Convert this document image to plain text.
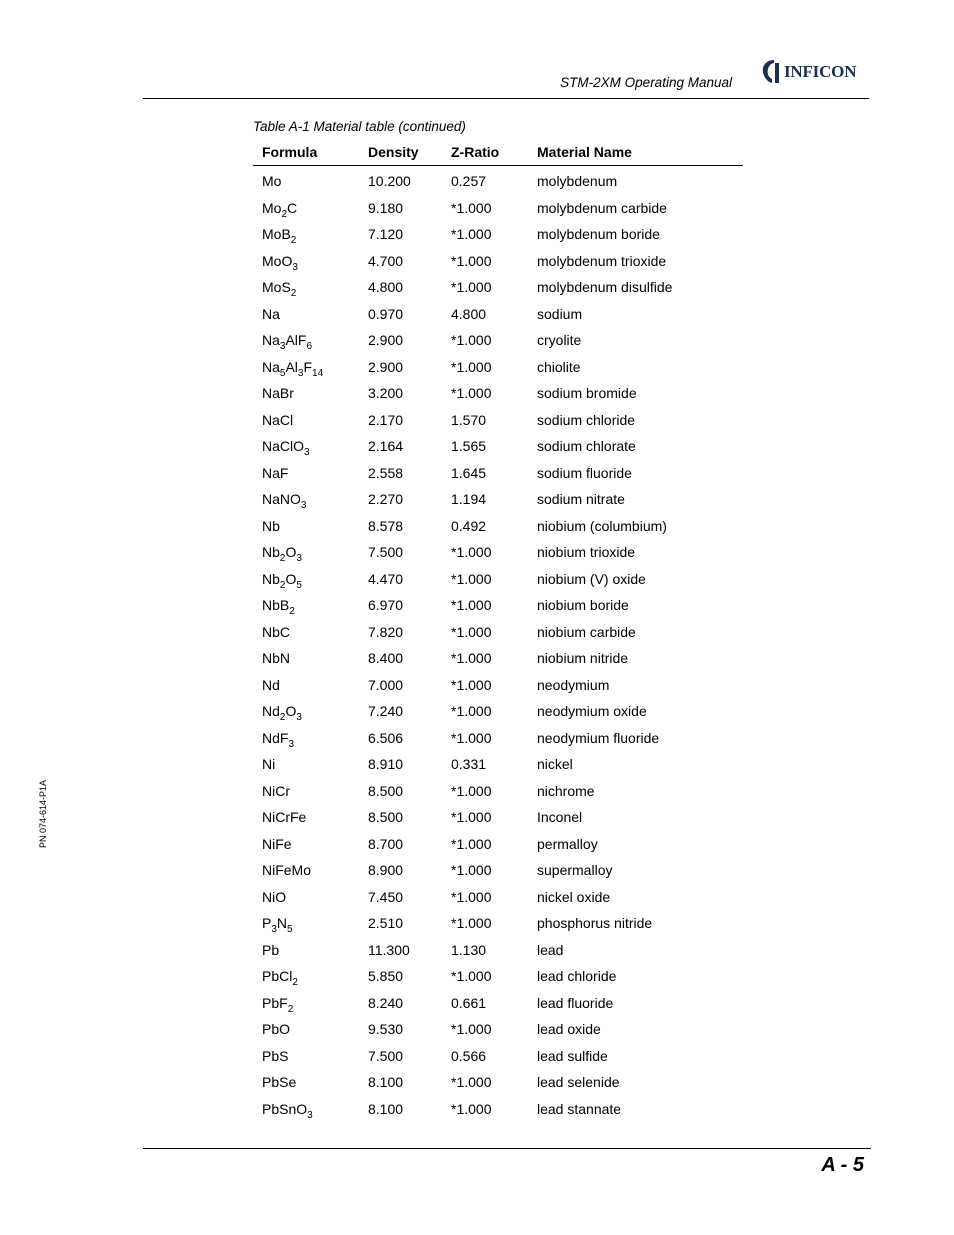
STM-2XM Operating Manual
INFICON
Table A-1 Material table (continued)
Formula	Density	Z-Ratio	Material Name
Mo	10.200	0.257	molybdenum
$Mo_2C$	9.180	*1.000	molybdenum carbide
MoB$_2$	7.120	*1.000	molybdenum boride
MoO$_3$	4.700	*1.000	molybdenum trioxide
MoS$_2$	4.800	*1.000	molybdenum disulfide
Na	0.970	4.800	sodium
$Na_3AlF_6$	2.900	*1.000	cryolite
$Na_5Al_3F_{14}$	2.900	*1.000	chiolite
NaBr	3.200	*1.000	sodium bromide
NaCl	2.170	1.570	sodium chloride
NaClO$_3$	2.164	1.565	sodium chlorate
NaF	2.558	1.645	sodium fluoride
NaNO$_3$	2.270	1.194	sodium nitrate
Nb	8.578	0.492	niobium (columbium)
$Nb_2O_3$	7.500	*1.000	niobium trioxide
$Nb_2O_5$	4.470	*1.000	niobium (V) oxide
NbB$_2$	6.970	*1.000	niobium boride
NbC	7.820	*1.000	niobium carbide
NbN	8.400	*1.000	niobium nitride
Nd	7.000	*1.000	neodymium
$Nd_2O_3$	7.240	*1.000	neodymium oxide
NdF$_3$	6.506	*1.000	neodymium fluoride
Ni	8.910	0.331	nickel
NiCr	8.500	*1.000	nichrome
NiCrFe	8.500	*1.000	Inconel
NiFe	8.700	*1.000	permalloy
NiFeMo	8.900	*1.000	supermalloy
NiO	7.450	*1.000	nickel oxide
$P_3N_5$	2.510	*1.000	phosphorus nitride
Pb	11.300	1.130	lead
PbCl$_2$	5.850	*1.000	lead chloride
PbF$_2$	8.240	0.661	lead fluoride
PbO	9.530	*1.000	lead oxide
PbS	7.500	0.566	lead sulfide
PbSe	8.100	*1.000	lead selenide
PbSnO$_3$	8.100	*1.000	lead stannate
PN 074-614-P1A
A - 5
